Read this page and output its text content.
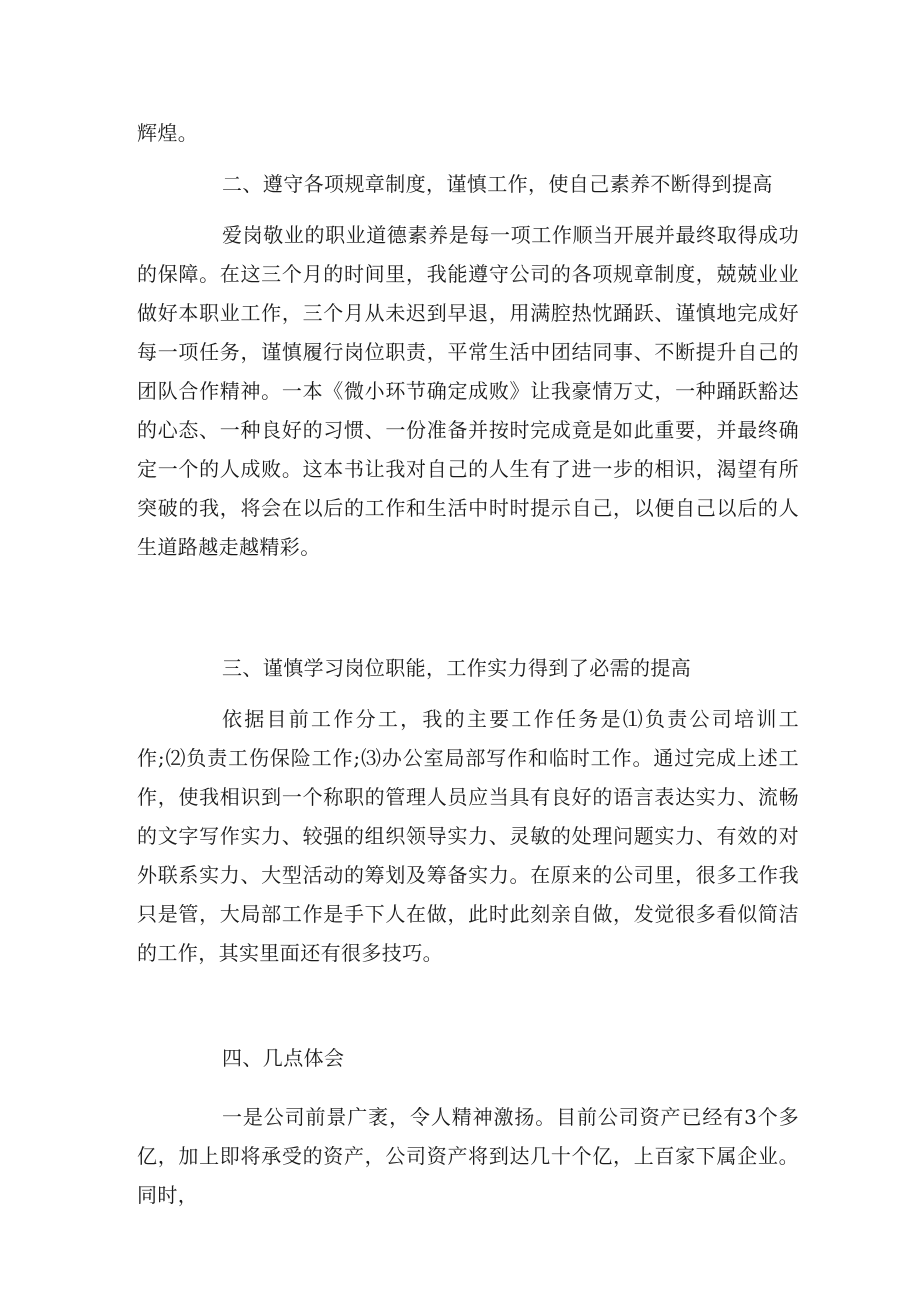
辉煌。

二、遵守各项规章制度，谨慎工作，使自己素养不断得到提高

爱岗敬业的职业道德素养是每一项工作顺当开展并最终取得成功的保障。在这三个月的时间里，我能遵守公司的各项规章制度，兢兢业业做好本职业工作，三个月从未迟到早退，用满腔热忱踊跃、谨慎地完成好每一项任务，谨慎履行岗位职责，平常生活中团结同事、不断提升自己的团队合作精神。一本《微小环节确定成败》让我豪情万丈，一种踊跃豁达的心态、一种良好的习惯、一份准备并按时完成竟是如此重要，并最终确定一个的人成败。这本书让我对自己的人生有了进一步的相识，渴望有所突破的我，将会在以后的工作和生活中时时提示自己，以便自己以后的人生道路越走越精彩。

三、谨慎学习岗位职能，工作实力得到了必需的提高

依据目前工作分工，我的主要工作任务是⑴负责公司培训工作;⑵负责工伤保险工作;⑶办公室局部写作和临时工作。通过完成上述工作，使我相识到一个称职的管理人员应当具有良好的语言表达实力、流畅的文字写作实力、较强的组织领导实力、灵敏的处理问题实力、有效的对外联系实力、大型活动的筹划及筹备实力。在原来的公司里，很多工作我只是管，大局部工作是手下人在做，此时此刻亲自做，发觉很多看似简洁的工作，其实里面还有很多技巧。

四、几点体会

一是公司前景广袤，令人精神激扬。目前公司资产已经有3个多亿，加上即将承受的资产，公司资产将到达几十个亿，上百家下属企业。同时，
